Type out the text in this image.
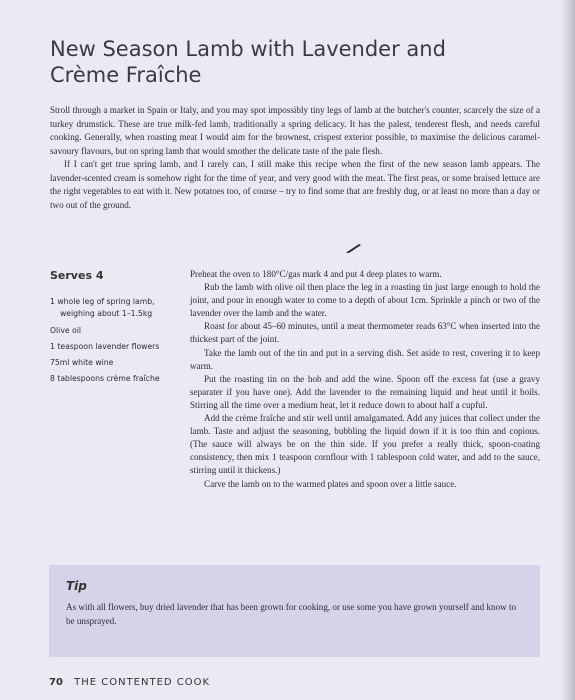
New Season Lamb with Lavender and
Crème Fraîche

Stroll through a market in Spain or Italy, and you may spot impossibly tiny legs of lamb at the butcher's counter, scarcely the size of a turkey drumstick. These are true milk-fed lamb, traditionally a spring delicacy. It has the palest, tenderest flesh, and needs careful cooking. Generally, when roasting meat I would aim for the brownest, crispest exterior possible, to maximise the delicious caramel-savoury flavours, but on spring lamb that would smother the delicate taste of the pale flesh.

If I can't get true spring lamb, and I rarely can, I still make this recipe when the first of the new season lamb appears. The lavender-scented cream is somehow right for the time of year, and very good with the meat. The first peas, or some braised lettuce are the right vegetables to eat with it. New potatoes too, of course – try to find some that are freshly dug, or at least no more than a day or two out of the ground.

Serves 4
1 whole leg of spring lamb,
weighing about 1–1.5kg
Olive oil
1 teaspoon lavender flowers
75ml white wine
8 tablespoons crème fraîche

Preheat the oven to 180°C/gas mark 4 and put 4 deep plates to warm.

Rub the lamb with olive oil then place the leg in a roasting tin just large enough to hold the joint, and pour in enough water to come to a depth of about 1cm. Sprinkle a pinch or two of the lavender over the lamb and the water.

Roast for about 45–60 minutes, until a meat thermometer reads 63°C when inserted into the thickest part of the joint.

Take the lamb out of the tin and put in a serving dish. Set aside to rest, covering it to keep warm.

Put the roasting tin on the hob and add the wine. Spoon off the excess fat (use a gravy separater if you have one). Add the lavender to the remaining liquid and heat until it boils. Stirring all the time over a medium heat, let it reduce down to about half a cupful.

Add the crème fraîche and stir well until amalgamated. Add any juices that collect under the lamb. Taste and adjust the seasoning, bubbling the liquid down if it is too thin and copious. (The sauce will always be on the thin side. If you prefer a really thick, spoon-coating consistency, then mix 1 teaspoon cornflour with 1 tablespoon cold water, and add to the sauce, stirring until it thickens.)

Carve the lamb on to the warmed plates and spoon over a little sauce.

Tip
As with all flowers, buy dried lavender that has been grown for cooking, or use some you have grown yourself and know to be unsprayed.
70 THE CONTENTED COOK
